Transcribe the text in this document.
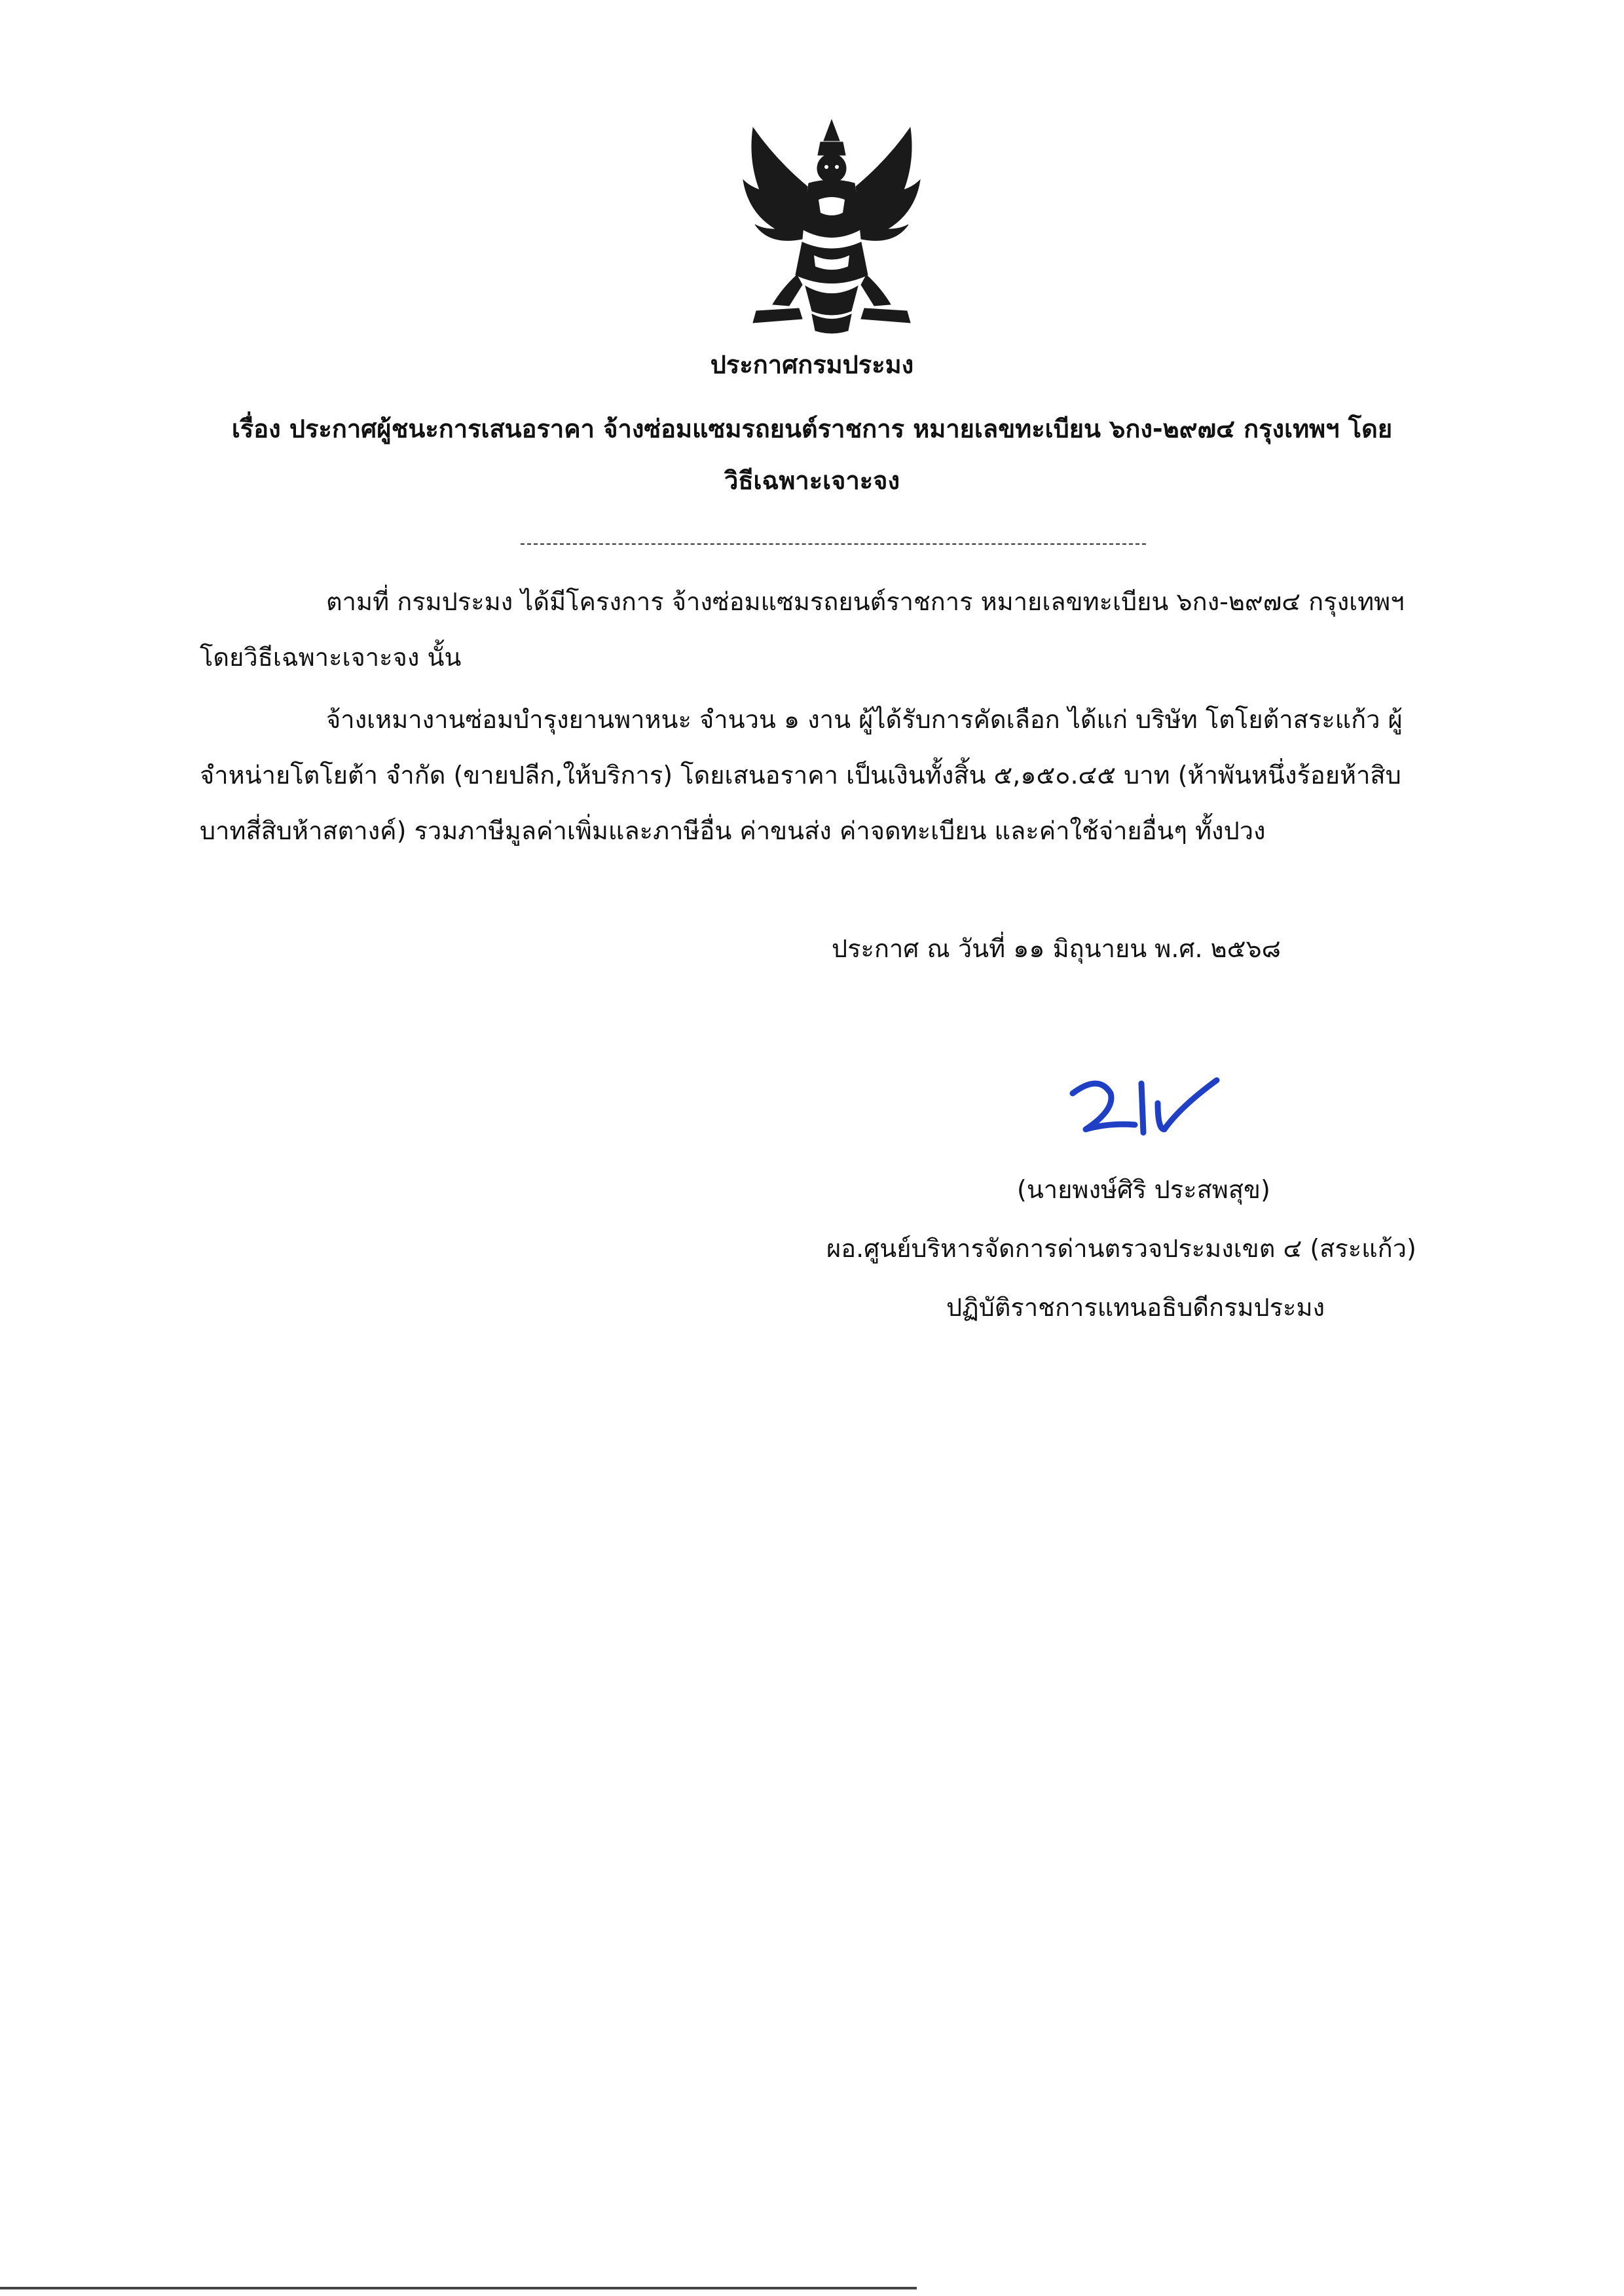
ประกาศกรมประมง
เรื่อง ประกาศผู้ชนะการเสนอราคา จ้างซ่อมแซมรถยนต์ราชการ หมายเลขทะเบียน ๖กง-๒๙๗๔ กรุงเทพฯ โดย
วิธีเฉพาะเจาะจง
ตามที่ กรมประมง ได้มีโครงการ จ้างซ่อมแซมรถยนต์ราชการ หมายเลขทะเบียน ๖กง-๒๙๗๔ กรุงเทพฯ
โดยวิธีเฉพาะเจาะจง นั้น
จ้างเหมางานซ่อมบำรุงยานพาหนะ จำนวน ๑ งาน ผู้ได้รับการคัดเลือก ได้แก่ บริษัท โตโยต้าสระแก้ว ผู้
จำหน่ายโตโยต้า จำกัด (ขายปลีก,ให้บริการ) โดยเสนอราคา เป็นเงินทั้งสิ้น ๕,๑๕๐.๔๕ บาท (ห้าพันหนึ่งร้อยห้าสิบ
บาทสี่สิบห้าสตางค์) รวมภาษีมูลค่าเพิ่มและภาษีอื่น ค่าขนส่ง ค่าจดทะเบียน และค่าใช้จ่ายอื่นๆ ทั้งปวง
ประกาศ ณ วันที่ ๑๑ มิถุนายน พ.ศ. ๒๕๖๘
(นายพงษ์ศิริ ประสพสุข)
ผอ.ศูนย์บริหารจัดการด่านตรวจประมงเขต ๔ (สระแก้ว)
ปฏิบัติราชการแทนอธิบดีกรมประมง
